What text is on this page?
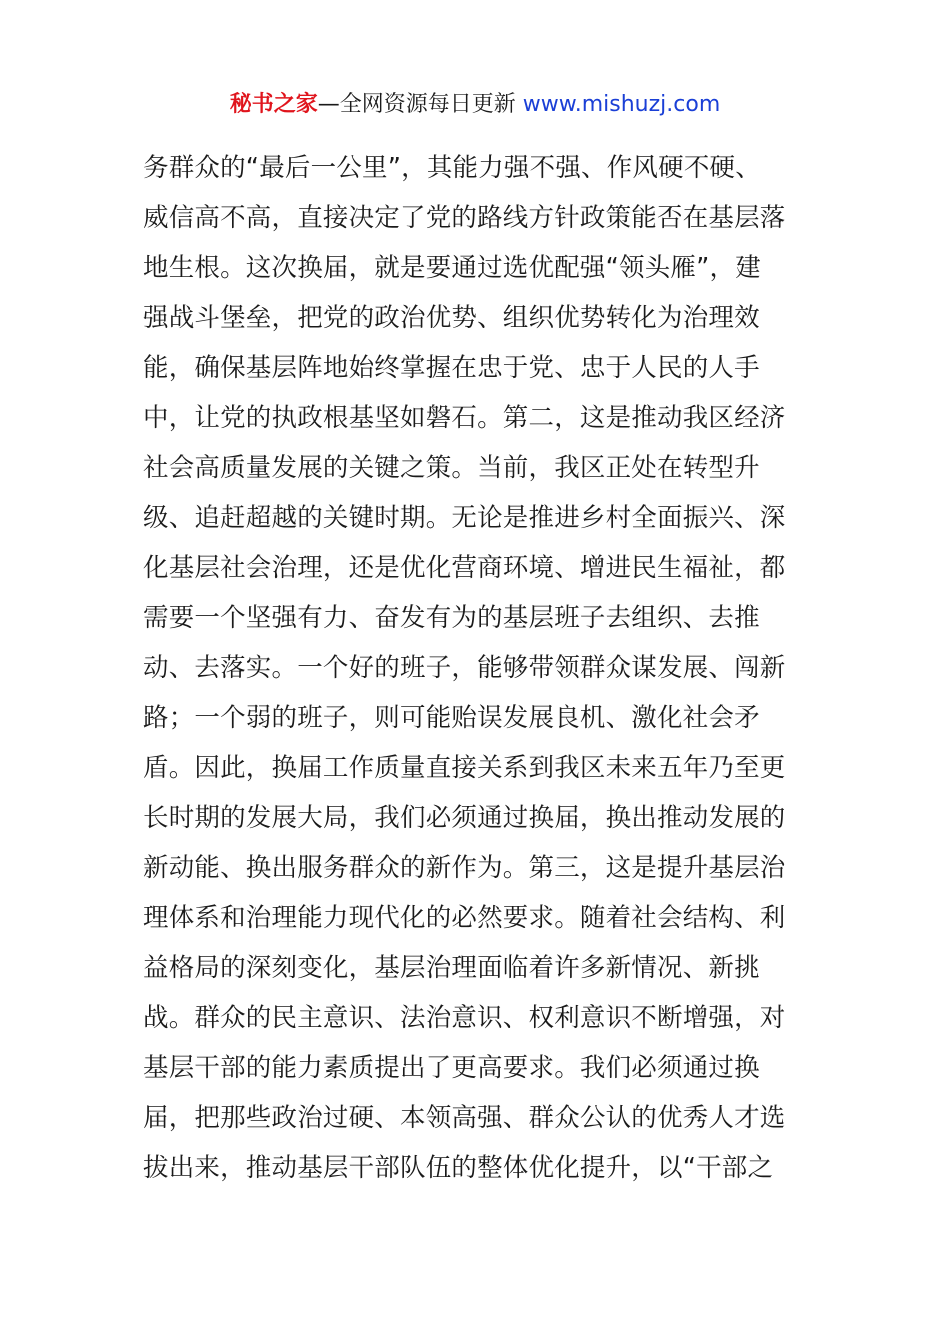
秘书之家—全网资源每日更新 www.mishuzj.com
务群众的“最后一公里”，其能力强不强、作风硬不硬、
威信高不高，直接决定了党的路线方针政策能否在基层落
地生根。这次换届，就是要通过选优配强“领头雁”，建
强战斗堡垒，把党的政治优势、组织优势转化为治理效
能，确保基层阵地始终掌握在忠于党、忠于人民的人手
中，让党的执政根基坚如磐石。第二，这是推动我区经济
社会高质量发展的关键之策。当前，我区正处在转型升
级、追赶超越的关键时期。无论是推进乡村全面振兴、深
化基层社会治理，还是优化营商环境、增进民生福祉，都
需要一个坚强有力、奋发有为的基层班子去组织、去推
动、去落实。一个好的班子，能够带领群众谋发展、闯新
路；一个弱的班子，则可能贻误发展良机、激化社会矛
盾。因此，换届工作质量直接关系到我区未来五年乃至更
长时期的发展大局，我们必须通过换届，换出推动发展的
新动能、换出服务群众的新作为。第三，这是提升基层治
理体系和治理能力现代化的必然要求。随着社会结构、利
益格局的深刻变化，基层治理面临着许多新情况、新挑
战。群众的民主意识、法治意识、权利意识不断增强，对
基层干部的能力素质提出了更高要求。我们必须通过换
届，把那些政治过硬、本领高强、群众公认的优秀人才选
拔出来，推动基层干部队伍的整体优化提升，以“干部之
